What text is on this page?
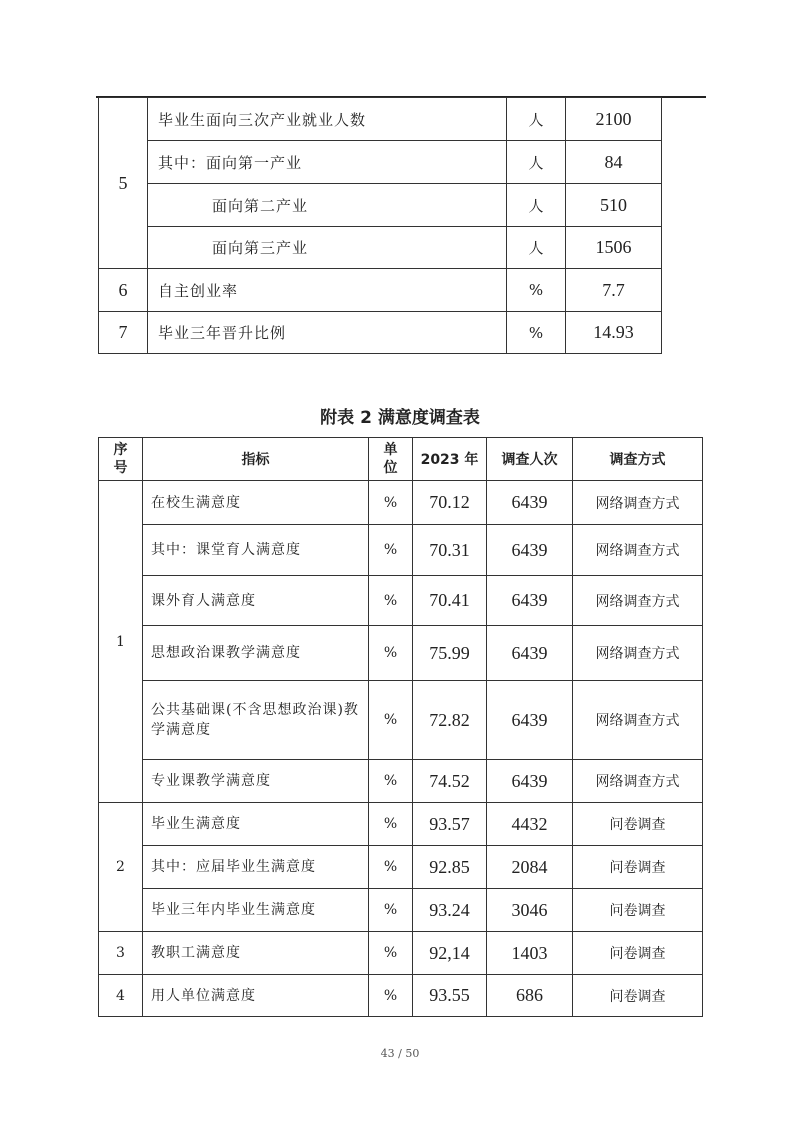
5	毕业生面向三次产业就业人数	人	2100
	其中：面向第一产业	人	84
	面向第二产业	人	510
	面向第三产业	人	1506
6	自主创业率	%	7.7
7	毕业三年晋升比例	%	14.93
附表 2 满意度调查表
序号	指标	单位	2023 年	调查人次	调查方式
1	在校生满意度	%	70.12	6439	网络调查方式
	其中：课堂育人满意度	%	70.31	6439	网络调查方式
	课外育人满意度	%	70.41	6439	网络调查方式
	思想政治课教学满意度	%	75.99	6439	网络调查方式
	公共基础课(不含思想政治课)教学满意度	%	72.82	6439	网络调查方式
	专业课教学满意度	%	74.52	6439	网络调查方式
2	毕业生满意度	%	93.57	4432	问卷调查
	其中：应届毕业生满意度	%	92.85	2084	问卷调查
	毕业三年内毕业生满意度	%	93.24	3046	问卷调查
3	教职工满意度	%	92,14	1403	问卷调查
4	用人单位满意度	%	93.55	686	问卷调查
43 / 50
